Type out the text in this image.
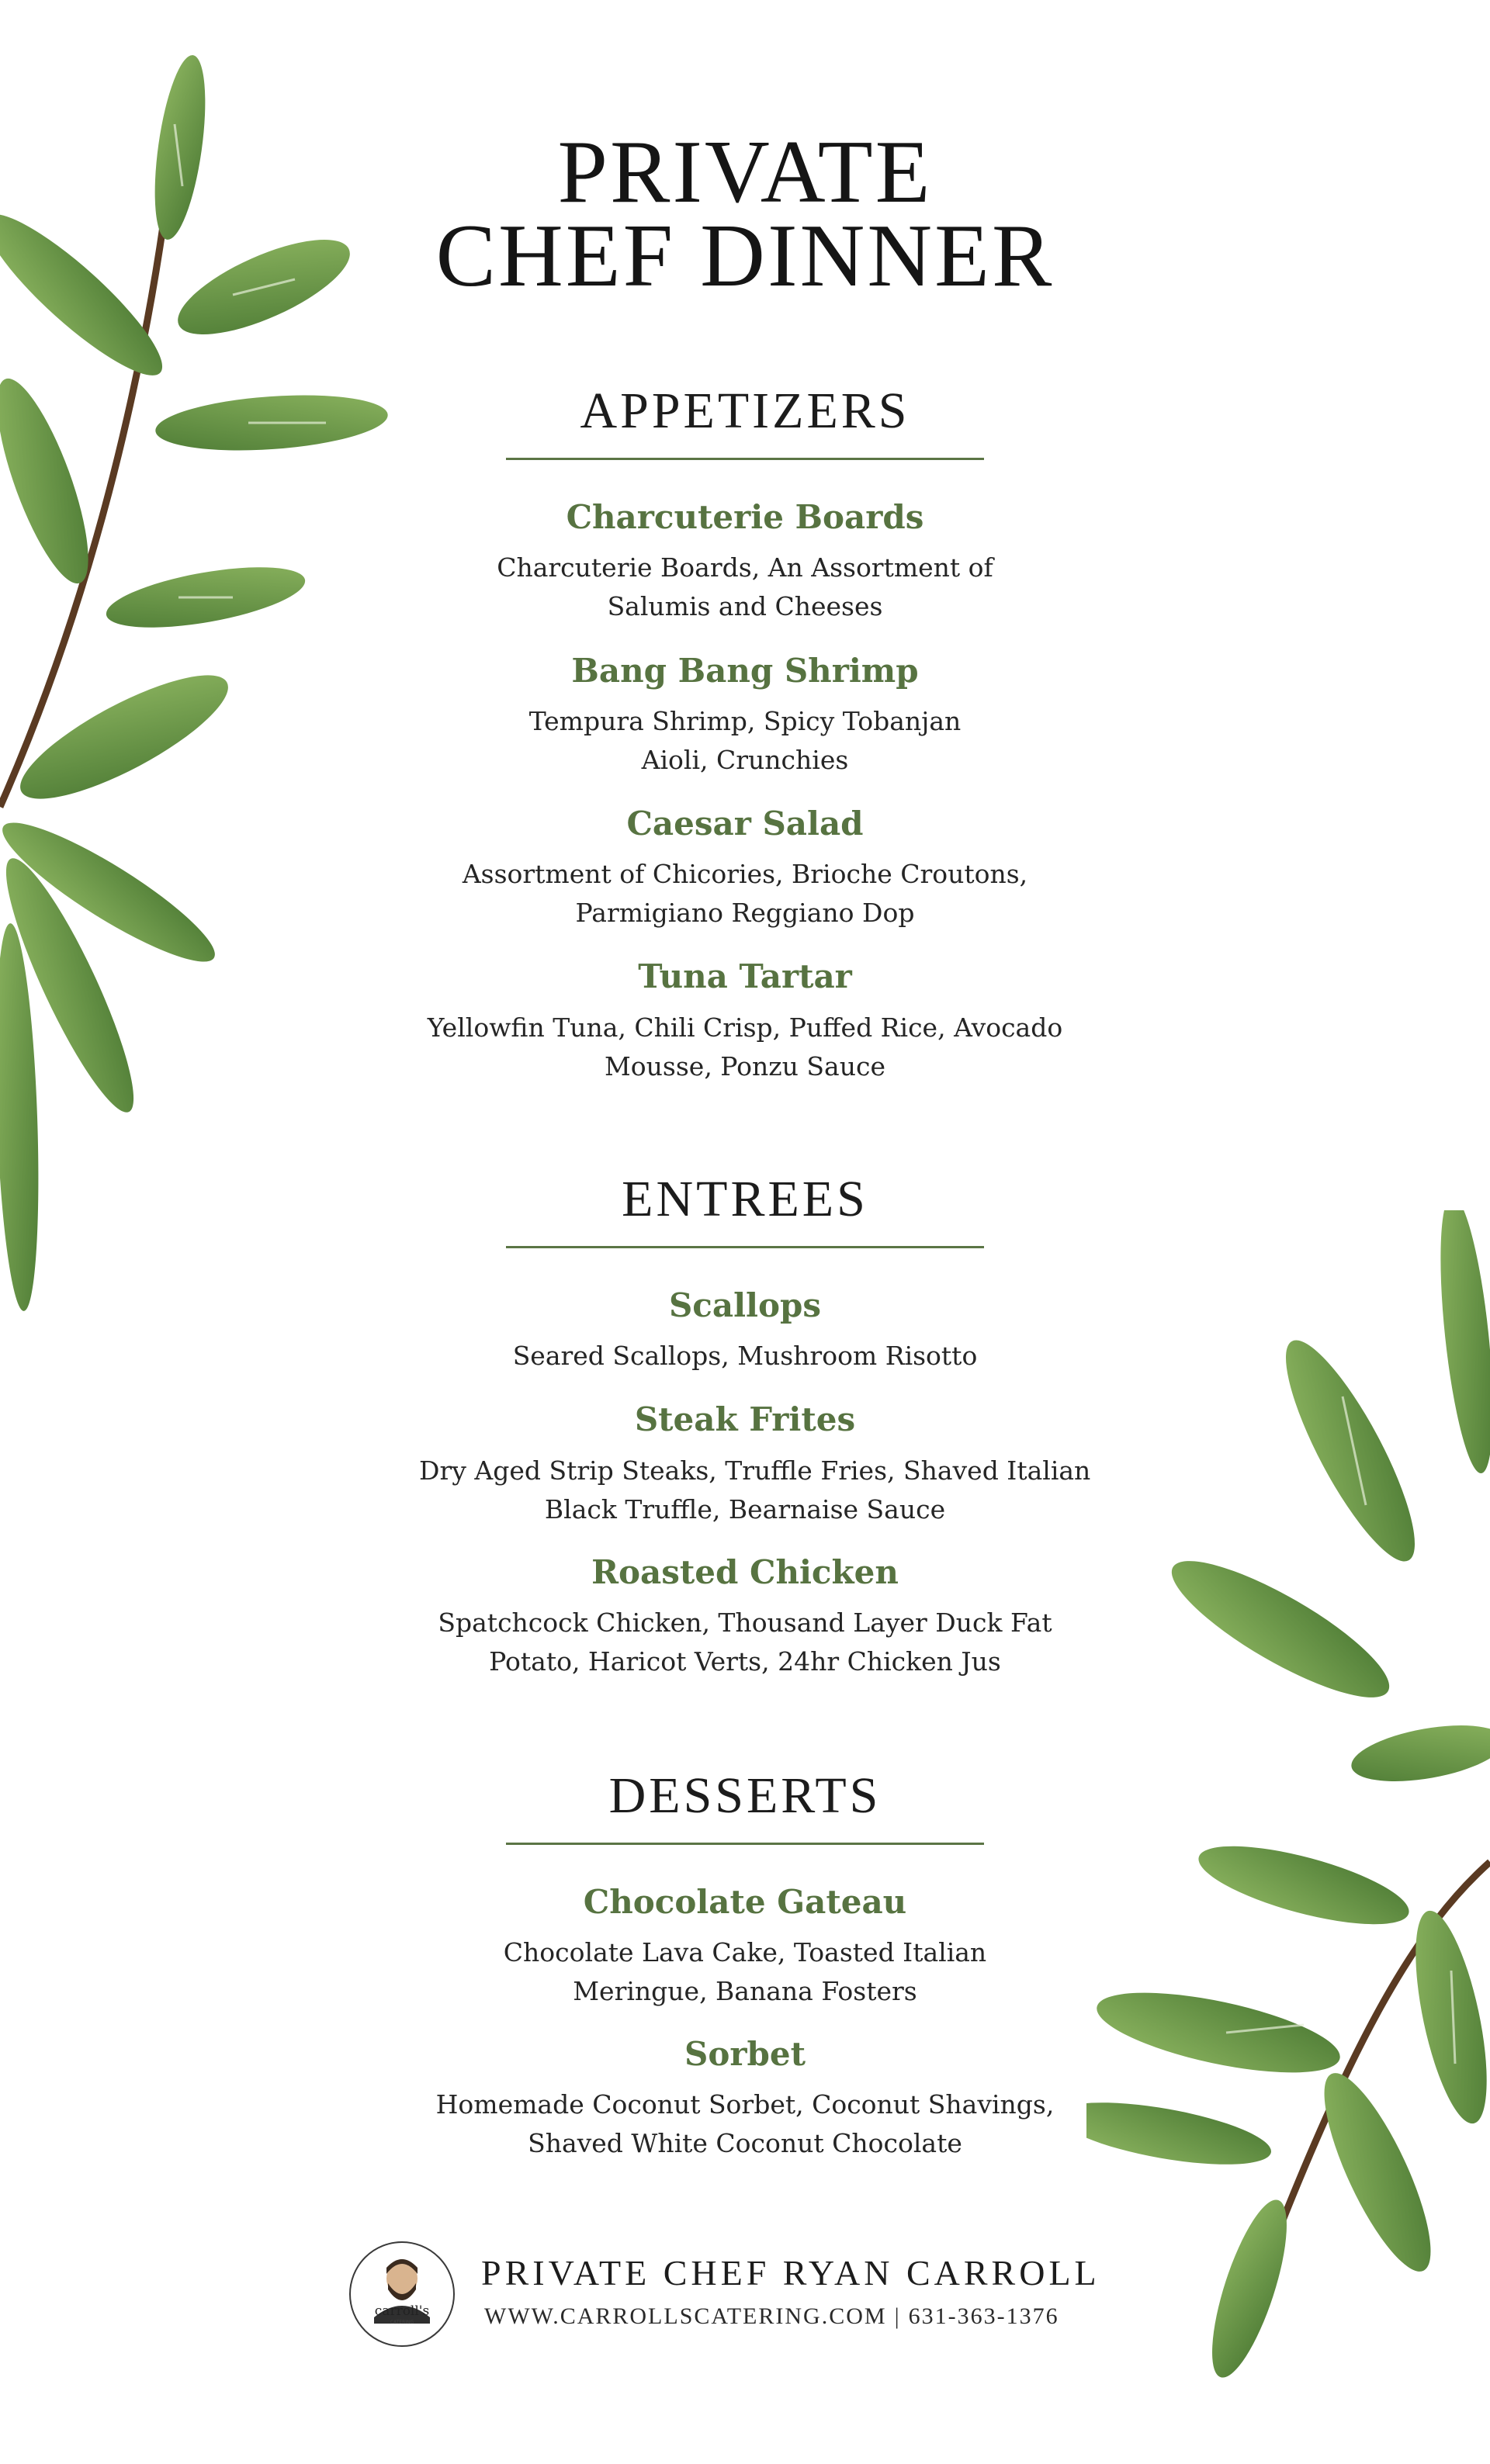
PRIVATE
CHEF DINNER
APPETIZERS
Charcuterie Boards
Charcuterie Boards, An Assortment of
Salumis and Cheeses
Bang Bang Shrimp
Tempura Shrimp, Spicy Tobanjan
Aioli, Crunchies
Caesar Salad
Assortment of Chicories, Brioche Croutons,
Parmigiano Reggiano Dop
Tuna Tartar
Yellowfin Tuna, Chili Crisp, Puffed Rice, Avocado
Mousse, Ponzu Sauce
ENTREES
Scallops
Seared Scallops, Mushroom Risotto
Steak Frites
Dry Aged Strip Steaks, Truffle Fries, Shaved Italian
Black Truffle, Bearnaise Sauce
Roasted Chicken
Spatchcock Chicken, Thousand Layer Duck Fat
Potato, Haricot Verts, 24hr Chicken Jus
DESSERTS
Chocolate Gateau
Chocolate Lava Cake, Toasted Italian
Meringue, Banana Fosters
Sorbet
Homemade Coconut Sorbet, Coconut Shavings,
Shaved White Coconut Chocolate
carroll's
CATERING
PRIVATE CHEF RYAN CARROLL
WWW.CARROLLSCATERING.COM | 631-363-1376
